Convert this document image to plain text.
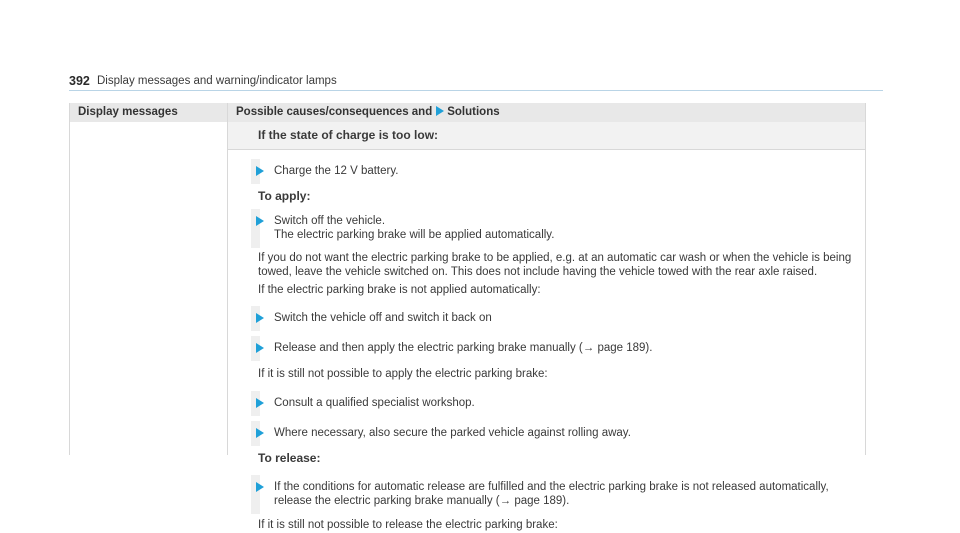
392 Display messages and warning/indicator lamps
Display messages	Possible causes/consequences and Solutions
If the state of charge is too low:
Charge the 12 V battery.
To apply:
Switch off the vehicle.
The electric parking brake will be applied automatically.

If you do not want the electric parking brake to be applied, e.g. at an automatic car wash or when the vehicle is being towed, leave the vehicle switched on. This does not include having the vehicle towed with the rear axle raised.

If the electric parking brake is not applied automatically:

Switch the vehicle off and switch it back on
Release and then apply the electric parking brake manually (→ page 189).

If it is still not possible to apply the electric parking brake:

Consult a qualified specialist workshop.
Where necessary, also secure the parked vehicle against rolling away.
To release:
If the conditions for automatic release are fulfilled and the electric parking brake is not released automatically,
release the electric parking brake manually (→ page 189).

If it is still not possible to release the electric parking brake:
